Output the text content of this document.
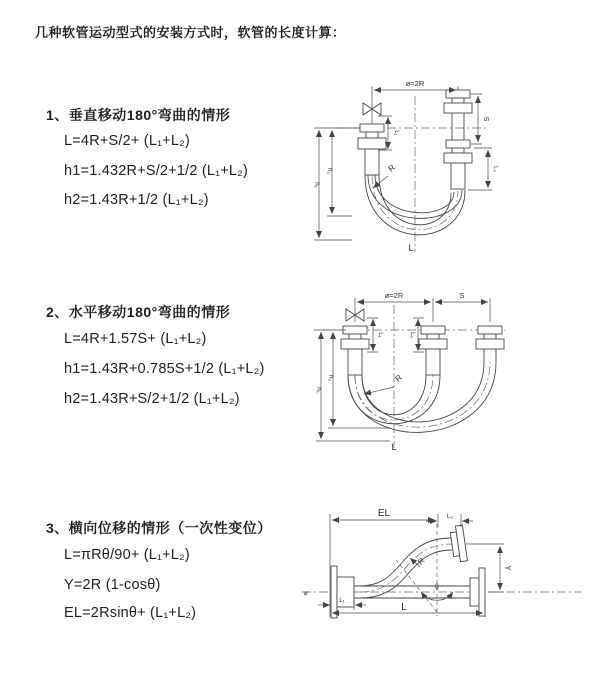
几种软管运动型式的安装方式时，软管的长度计算：
1、垂直移动180°弯曲的情形
L=4R+S/2+ (L₁+L₂)
h1=1.432R+S/2+1/2 (L₁+L₂)
h2=1.43R+1/2 (L₁+L₂)
2、水平移动180°弯曲的情形
L=4R+1.57S+ (L₁+L₂)
h1=1.43R+0.785S+1/2 (L₁+L₂)
h2=1.43R+S/2+1/2 (L₁+L₂)
3、横向位移的情形（一次性变位）
L=πRθ/90+ (L₁+L₂)
Y=2R (1-cosθ)
EL=2Rsinθ+ (L₁+L₂)
ø=2R
L₁
S
L₂
h₂
h₁
R
L
ø=2R	S
L₁	L₂
h₂
h₁
R
L
ø
θ
R
EL	L₂
Y
L
L₁
